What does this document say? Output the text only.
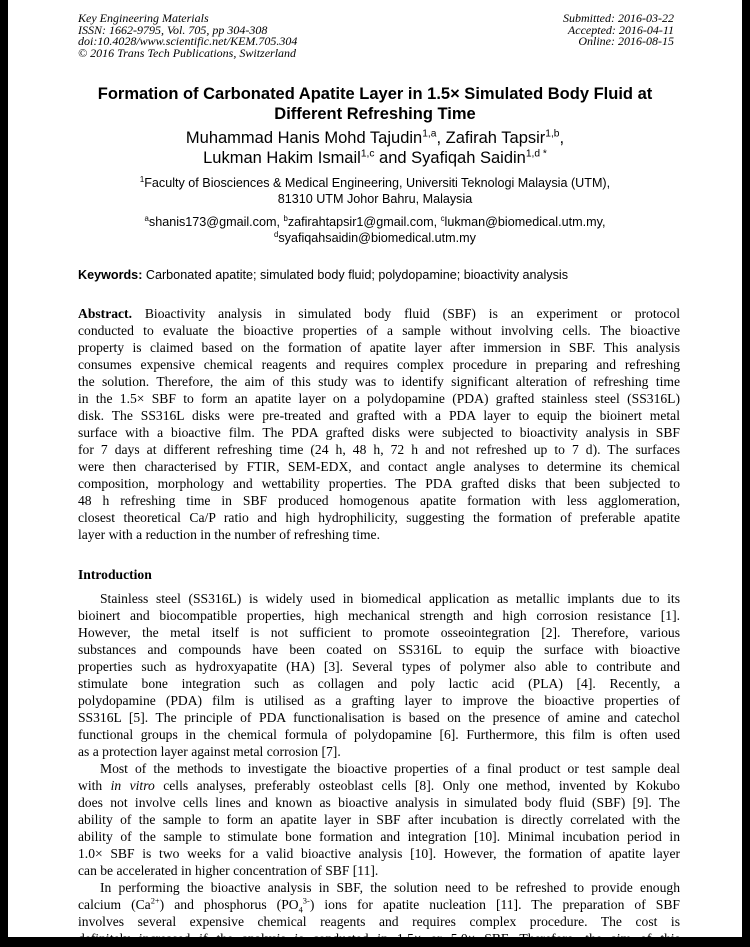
Key Engineering Materials
ISSN: 1662-9795, Vol. 705, pp 304-308
doi:10.4028/www.scientific.net/KEM.705.304
© 2016 Trans Tech Publications, Switzerland
Submitted: 2016-03-22
Accepted: 2016-04-11
Online: 2016-08-15
Formation of Carbonated Apatite Layer in 1.5× Simulated Body Fluid at
Different Refreshing Time
Muhammad Hanis Mohd Tajudin$^{1,a}$, Zafirah Tapsir$^{1,b}$,
Lukman Hakim Ismail$^{1,c}$ and Syafiqah Saidin$^{1,d *}$
$^1$Faculty of Biosciences & Medical Engineering, Universiti Teknologi Malaysia (UTM),
81310 UTM Johor Bahru, Malaysia
$^a$shanis173@gmail.com, $^b$zafirahtapsir1@gmail.com, $^c$lukman@biomedical.utm.my,
$^d$syafiqahsaidin@biomedical.utm.my
Keywords: Carbonated apatite; simulated body fluid; polydopamine; bioactivity analysis
Abstract. Bioactivity analysis in simulated body fluid (SBF) is an experiment or protocol
conducted to evaluate the bioactive properties of a sample without involving cells. The bioactive
property is claimed based on the formation of apatite layer after immersion in SBF. This analysis
consumes expensive chemical reagents and requires complex procedure in preparing and refreshing
the solution. Therefore, the aim of this study was to identify significant alteration of refreshing time
in the 1.5× SBF to form an apatite layer on a polydopamine (PDA) grafted stainless steel (SS316L)
disk. The SS316L disks were pre-treated and grafted with a PDA layer to equip the bioinert metal
surface with a bioactive film. The PDA grafted disks were subjected to bioactivity analysis in SBF
for 7 days at different refreshing time (24 h, 48 h, 72 h and not refreshed up to 7 d). The surfaces
were then characterised by FTIR, SEM-EDX, and contact angle analyses to determine its chemical
composition, morphology and wettability properties. The PDA grafted disks that been subjected to
48 h refreshing time in SBF produced homogenous apatite formation with less agglomeration,
closest theoretical Ca/P ratio and high hydrophilicity, suggesting the formation of preferable apatite
layer with a reduction in the number of refreshing time.
Introduction
Stainless steel (SS316L) is widely used in biomedical application as metallic implants due to its
bioinert and biocompatible properties, high mechanical strength and high corrosion resistance [1].
However, the metal itself is not sufficient to promote osseointegration [2]. Therefore, various
substances and compounds have been coated on SS316L to equip the surface with bioactive
properties such as hydroxyapatite (HA) [3]. Several types of polymer also able to contribute and
stimulate bone integration such as collagen and poly lactic acid (PLA) [4]. Recently, a
polydopamine (PDA) film is utilised as a grafting layer to improve the bioactive properties of
SS316L [5]. The principle of PDA functionalisation is based on the presence of amine and catechol
functional groups in the chemical formula of polydopamine [6]. Furthermore, this film is often used
as a protection layer against metal corrosion [7].
Most of the methods to investigate the bioactive properties of a final product or test sample deal
with in vitro cells analyses, preferably osteoblast cells [8]. Only one method, invented by Kokubo
does not involve cells lines and known as bioactive analysis in simulated body fluid (SBF) [9]. The
ability of the sample to form an apatite layer in SBF after incubation is directly correlated with the
ability of the sample to stimulate bone formation and integration [10]. Minimal incubation period in
1.0× SBF is two weeks for a valid bioactive analysis [10]. However, the formation of apatite layer
can be accelerated in higher concentration of SBF [11].
In performing the bioactive analysis in SBF, the solution need to be refreshed to provide enough
calcium $(Ca^{2+})$ and phosphorus $(PO_4^{3-})$ ions for apatite nucleation [11]. The preparation of SBF
involves several expensive chemical reagents and requires complex procedure. The cost is
definitely increased if the analysis is conducted in 1.5× or 5.0× SBF. Therefore, the aim of this
